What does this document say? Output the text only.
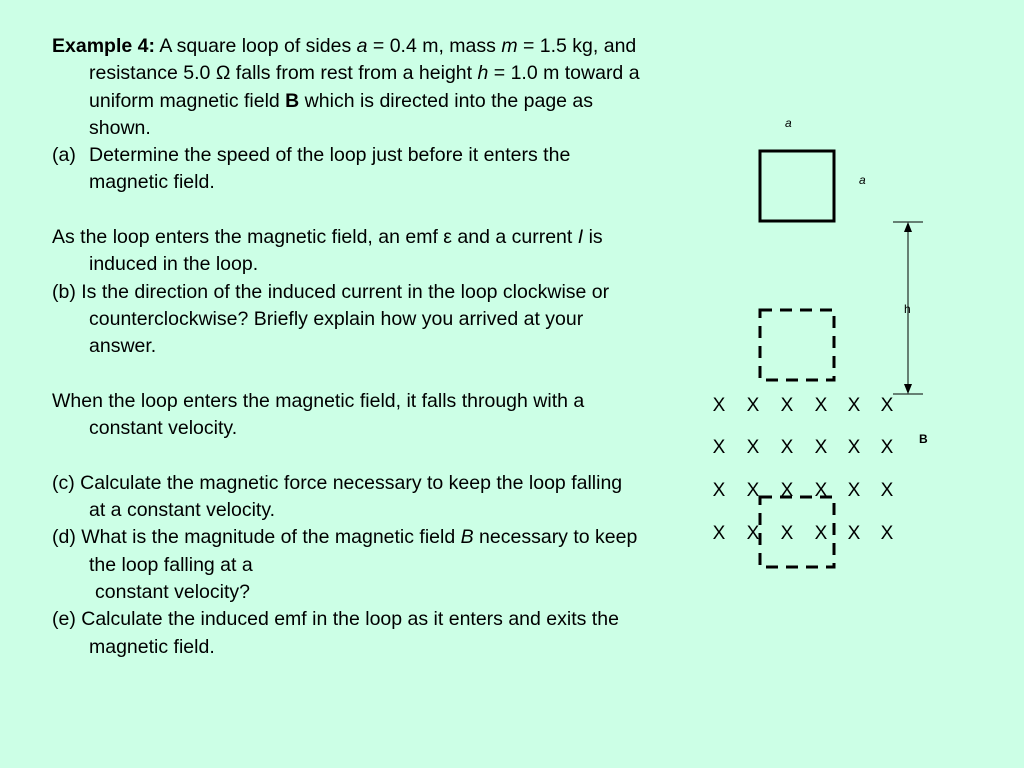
Example 4: A square loop of sides a = 0.4 m, mass m = 1.5 kg, and resistance 5.0 Ω falls from rest from a height h = 1.0 m toward a uniform magnetic field B which is directed into the page as shown.

(a) Determine the speed of the loop just before it enters the magnetic field.

As the loop enters the magnetic field, an emf ε and a current I is induced in the loop.

(b) Is the direction of the induced current in the loop clockwise or counterclockwise? Briefly explain how you arrived at your answer.

When the loop enters the magnetic field, it falls through with a constant velocity.

(c) Calculate the magnetic force necessary to keep the loop falling at a constant velocity.

(d) What is the magnitude of the magnetic field B necessary to keep the loop falling at a

constant velocity?

(e) Calculate the induced emf in the loop as it enters and exits the magnetic field.

a
a
h
B
X X X X X X
X X X X X X
X X X X X X
X X X X X X
